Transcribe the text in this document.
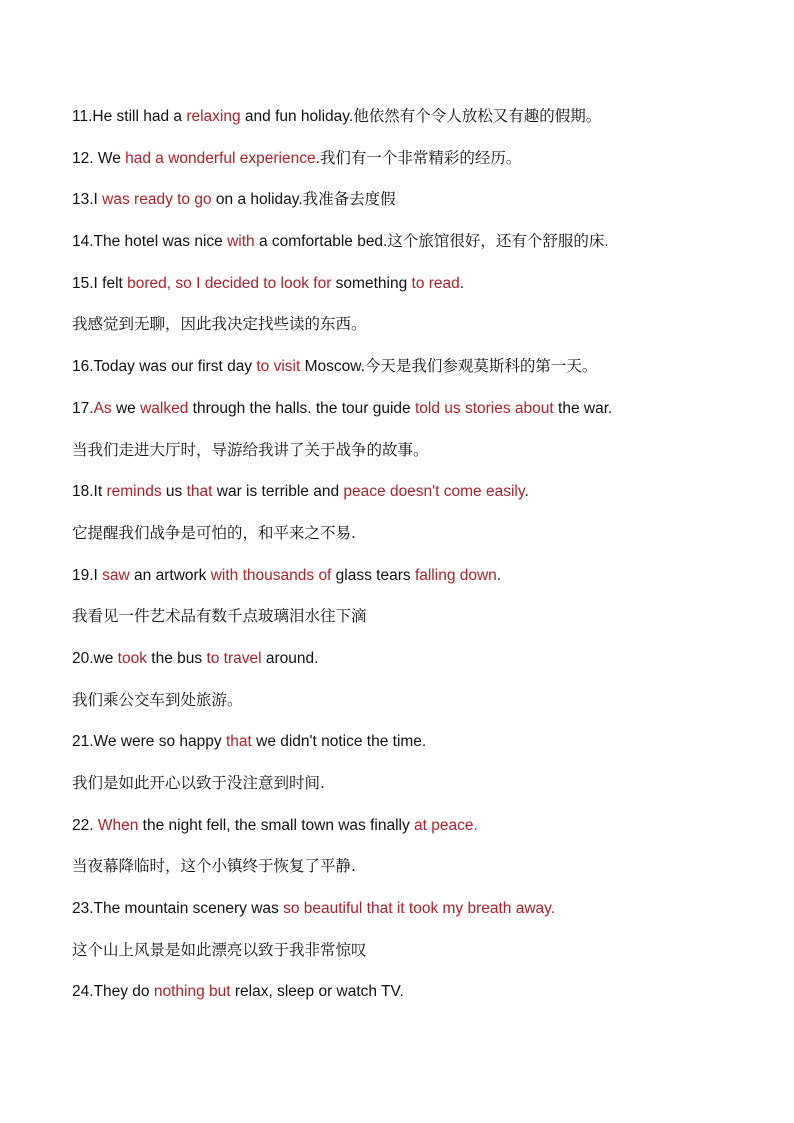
11.He still had a relaxing and fun holiday.他依然有个令人放松又有趣的假期。
12. We had a wonderful experience.我们有一个非常精彩的经历。
13.I was ready to go on a holiday.我准备去度假
14.The hotel was nice with a comfortable bed.这个旅馆很好，还有个舒服的床.
15.I felt bored, so I decided to look for something to read.
我感觉到无聊，因此我决定找些读的东西。
16.Today was our first day to visit Moscow.今天是我们参观莫斯科的第一天。
17.As we walked through the halls. the tour guide told us stories about the war.
当我们走进大厅时，导游给我讲了关于战争的故事。
18.It reminds us that war is terrible and peace doesn't come easily.
它提醒我们战争是可怕的，和平来之不易.
19.I saw an artwork with thousands of glass tears falling down.
我看见一件艺术品有数千点玻璃泪水往下滴
20.we took the bus to travel around.
我们乘公交车到处旅游。
21.We were so happy that we didn't notice the time.
我们是如此开心以致于没注意到时间.
22. When the night fell, the small town was finally at peace.
当夜幕降临时，这个小镇终于恢复了平静.
23.The mountain scenery was so beautiful that it took my breath away.
这个山上风景是如此漂亮以致于我非常惊叹
24.They do nothing but relax, sleep or watch TV.
